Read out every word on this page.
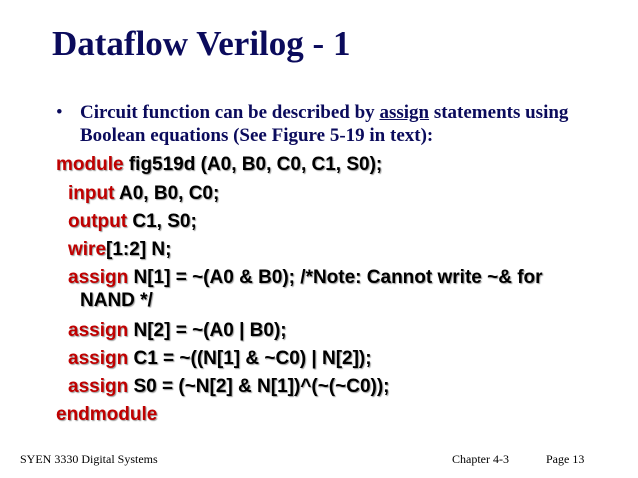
Dataflow Verilog - 1
• Circuit function can be described by assign statements using Boolean equations (See Figure 5-19 in text):
module fig519d (A0, B0, C0, C1, S0);
input A0, B0, C0;
output C1, S0;
wire[1:2] N;
assign N[1] = ~(A0 & B0); /*Note: Cannot write ~& for
NAND */
assign N[2] = ~(A0 | B0);
assign C1 = ~((N[1] & ~C0) | N[2]);
assign S0 = (~N[2] & N[1])^(~(~C0));
endmodule
SYEN 3330 Digital Systems	Chapter 4-3	Page 13
